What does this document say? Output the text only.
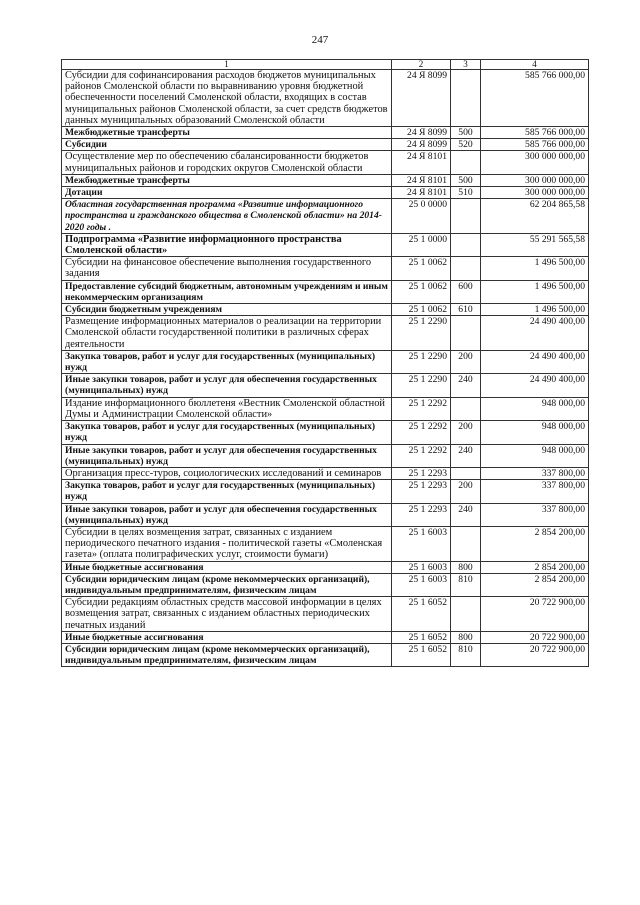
247
1	2	3	4
Субсидии для софинансирования расходов бюджетов муниципальных районов Смоленской области по выравниванию уровня бюджетной обеспеченности поселений Смоленской области, входящих в состав муниципальных районов Смоленской области, за счет средств бюджетов данных муниципальных образований Смоленской области	24 Я 8099		585 766 000,00
Межбюджетные трансферты	24 Я 8099	500	585 766 000,00
Субсидии	24 Я 8099	520	585 766 000,00
Осуществление мер по обеспечению сбалансированности бюджетов муниципальных районов и городских округов Смоленской области	24 Я 8101		300 000 000,00
Межбюджетные трансферты	24 Я 8101	500	300 000 000,00
Дотации	24 Я 8101	510	300 000 000,00
Областная государственная программа «Развитие информационного пространства и гражданского общества в Смоленской области» на 2014-2020 годы .	25 0 0000		62 204 865,58
Подпрограмма «Развитие информационного пространства Смоленской области»	25 1 0000		55 291 565,58
Субсидии на финансовое обеспечение выполнения государственного задания	25 1 0062		1 496 500,00
Предоставление субсидий бюджетным, автономным учреждениям и иным некоммерческим организациям	25 1 0062	600	1 496 500,00
Субсидии бюджетным учреждениям	25 1 0062	610	1 496 500,00
Размещение информационных материалов о реализации на территории Смоленской области государственной политики в различных сферах деятельности	25 1 2290		24 490 400,00
Закупка товаров, работ и услуг для государственных (муниципальных) нужд	25 1 2290	200	24 490 400,00
Иные закупки товаров, работ и услуг для обеспечения государственных (муниципальных) нужд	25 1 2290	240	24 490 400,00
Издание информационного бюллетеня «Вестник Смоленской областной Думы и Администрации Смоленской области»	25 1 2292		948 000,00
Закупка товаров, работ и услуг для государственных (муниципальных) нужд	25 1 2292	200	948 000,00
Иные закупки товаров, работ и услуг для обеспечения государственных (муниципальных) нужд	25 1 2292	240	948 000,00
Организация пресс-туров, социологических исследований и семинаров	25 1 2293		337 800,00
Закупка товаров, работ и услуг для государственных (муниципальных) нужд	25 1 2293	200	337 800,00
Иные закупки товаров, работ и услуг для обеспечения государственных (муниципальных) нужд	25 1 2293	240	337 800,00
Субсидии в целях возмещения затрат, связанных с изданием периодического печатного издания - политической газеты «Смоленская газета» (оплата полиграфических услуг, стоимости бумаги)	25 1 6003		2 854 200,00
Иные бюджетные ассигнования	25 1 6003	800	2 854 200,00
Субсидии юридическим лицам (кроме некоммерческих организаций), индивидуальным предпринимателям, физическим лицам	25 1 6003	810	2 854 200,00
Субсидии редакциям областных средств массовой информации в целях возмещения затрат, связанных с изданием областных периодических печатных изданий	25 1 6052		20 722 900,00
Иные бюджетные ассигнования	25 1 6052	800	20 722 900,00
Субсидии юридическим лицам (кроме некоммерческих организаций), индивидуальным предпринимателям, физическим лицам	25 1 6052	810	20 722 900,00
